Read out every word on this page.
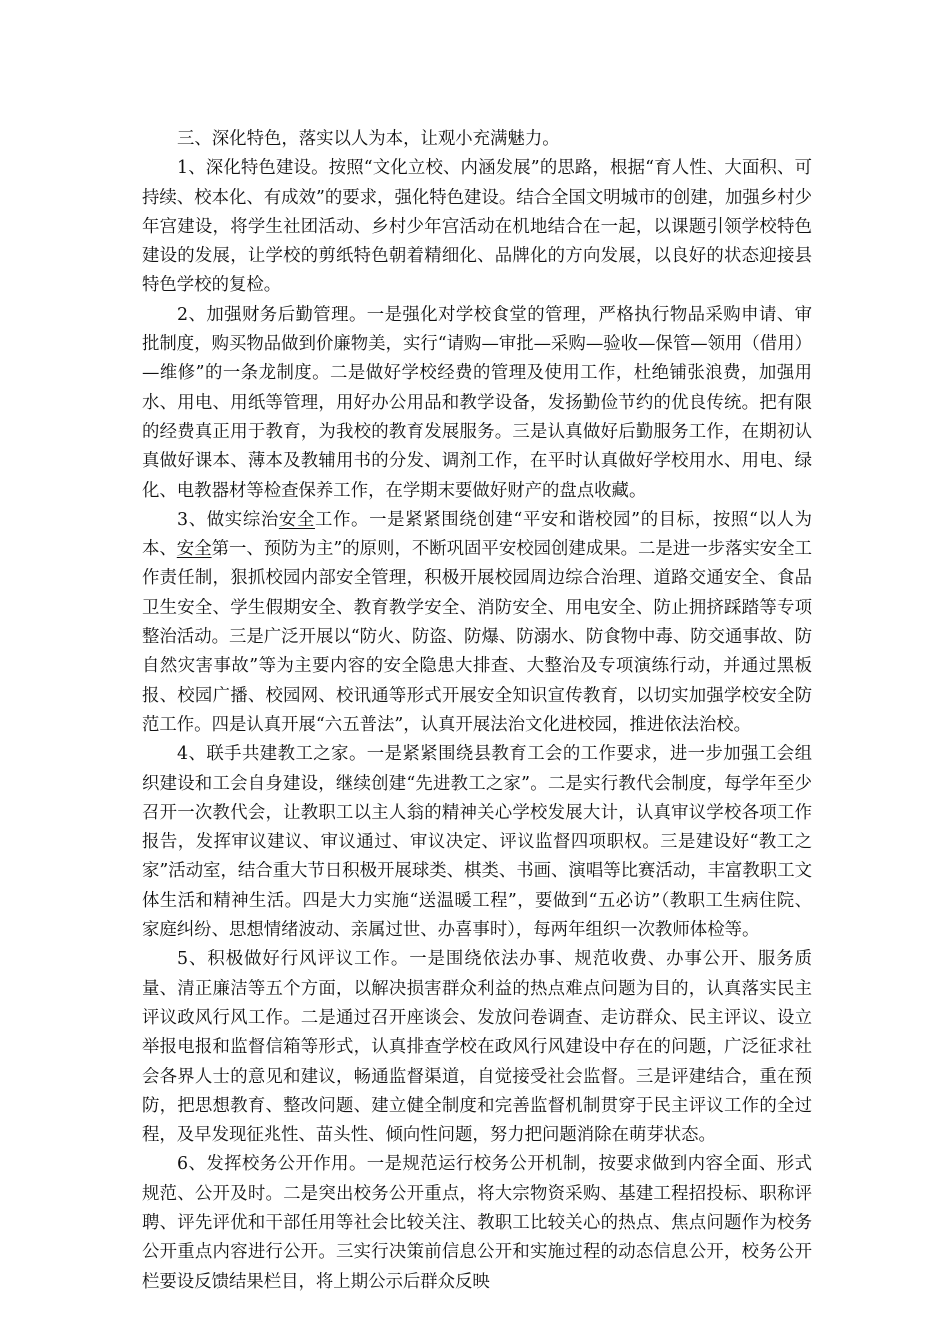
三、深化特色，落实以人为本，让观小充满魅力。

1、深化特色建设。按照“文化立校、内涵发展”的思路，根据“育人性、大面积、可持续、校本化、有成效”的要求，强化特色建设。结合全国文明城市的创建，加强乡村少年宫建设，将学生社团活动、乡村少年宫活动在机地结合在一起，以课题引领学校特色建设的发展，让学校的剪纸特色朝着精细化、品牌化的方向发展，以良好的状态迎接县特色学校的复检。

2、加强财务后勤管理。一是强化对学校食堂的管理，严格执行物品采购申请、审批制度，购买物品做到价廉物美，实行“请购—审批—采购—验收—保管—领用（借用）—维修”的一条龙制度。二是做好学校经费的管理及使用工作，杜绝铺张浪费，加强用水、用电、用纸等管理，用好办公用品和教学设备，发扬勤俭节约的优良传统。把有限的经费真正用于教育，为我校的教育发展服务。三是认真做好后勤服务工作，在期初认真做好课本、薄本及教辅用书的分发、调剂工作，在平时认真做好学校用水、用电、绿化、电教器材等检查保养工作，在学期末要做好财产的盘点收藏。

3、做实综治安全工作。一是紧紧围绕创建“平安和谐校园”的目标，按照“以人为本、安全第一、预防为主”的原则，不断巩固平安校园创建成果。二是进一步落实安全工作责任制，狠抓校园内部安全管理，积极开展校园周边综合治理、道路交通安全、食品卫生安全、学生假期安全、教育教学安全、消防安全、用电安全、防止拥挤踩踏等专项整治活动。三是广泛开展以“防火、防盗、防爆、防溺水、防食物中毒、防交通事故、防自然灾害事故”等为主要内容的安全隐患大排查、大整治及专项演练行动，并通过黑板报、校园广播、校园网、校讯通等形式开展安全知识宣传教育，以切实加强学校安全防范工作。四是认真开展“六五普法”，认真开展法治文化进校园，推进依法治校。

4、联手共建教工之家。一是紧紧围绕县教育工会的工作要求，进一步加强工会组织建设和工会自身建设，继续创建“先进教工之家”。二是实行教代会制度，每学年至少召开一次教代会，让教职工以主人翁的精神关心学校发展大计，认真审议学校各项工作报告，发挥审议建议、审议通过、审议决定、评议监督四项职权。三是建设好“教工之家”活动室，结合重大节日积极开展球类、棋类、书画、演唱等比赛活动，丰富教职工文体生活和精神生活。四是大力实施“送温暖工程”，要做到“五必访”（教职工生病住院、家庭纠纷、思想情绪波动、亲属过世、办喜事时），每两年组织一次教师体检等。

5、积极做好行风评议工作。一是围绕依法办事、规范收费、办事公开、服务质量、清正廉洁等五个方面，以解决损害群众利益的热点难点问题为目的，认真落实民主评议政风行风工作。二是通过召开座谈会、发放问卷调查、走访群众、民主评议、设立举报电报和监督信箱等形式，认真排查学校在政风行风建设中存在的问题，广泛征求社会各界人士的意见和建议，畅通监督渠道，自觉接受社会监督。三是评建结合，重在预防，把思想教育、整改问题、建立健全制度和完善监督机制贯穿于民主评议工作的全过程，及早发现征兆性、苗头性、倾向性问题，努力把问题消除在萌芽状态。

6、发挥校务公开作用。一是规范运行校务公开机制，按要求做到内容全面、形式规范、公开及时。二是突出校务公开重点，将大宗物资采购、基建工程招投标、职称评聘、评先评优和干部任用等社会比较关注、教职工比较关心的热点、焦点问题作为校务公开重点内容进行公开。三实行决策前信息公开和实施过程的动态信息公开，校务公开栏要设反馈结果栏目，将上期公示后群众反映
